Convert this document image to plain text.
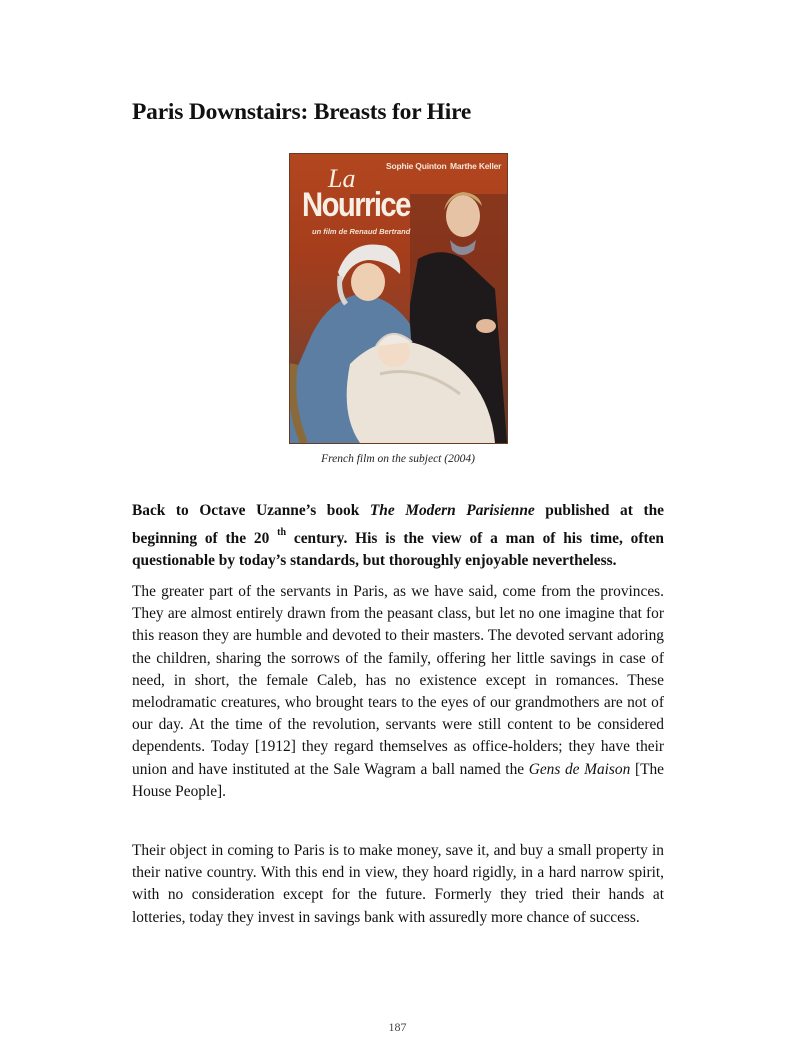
Paris Downstairs: Breasts for Hire
Sophie Quinton Marthe Keller
La
Nourrice
un film de Renaud Bertrand
French film on the subject (2004)

Back to Octave Uzanne’s book The Modern Parisienne published at the beginning of the 20 $^{th}$ century. His is the view of a man of his time, often questionable by today’s standards, but thoroughly enjoyable nevertheless.

The greater part of the servants in Paris, as we have said, come from the provinces. They are almost entirely drawn from the peasant class, but let no one imagine that for this reason they are humble and devoted to their masters. The devoted servant adoring the children, sharing the sorrows of the family, offering her little savings in case of need, in short, the female Caleb, has no existence except in romances. These melodramatic creatures, who brought tears to the eyes of our grandmothers are not of our day. At the time of the revolution, servants were still content to be considered dependents. Today [1912] they regard themselves as office-holders; they have their union and have instituted at the Sale Wagram a ball named the Gens de Maison [The House People].

Their object in coming to Paris is to make money, save it, and buy a small property in their native country. With this end in view, they hoard rigidly, in a hard narrow spirit, with no consideration except for the future. Formerly they tried their hands at lotteries, today they invest in savings bank with assuredly more chance of success.

187
